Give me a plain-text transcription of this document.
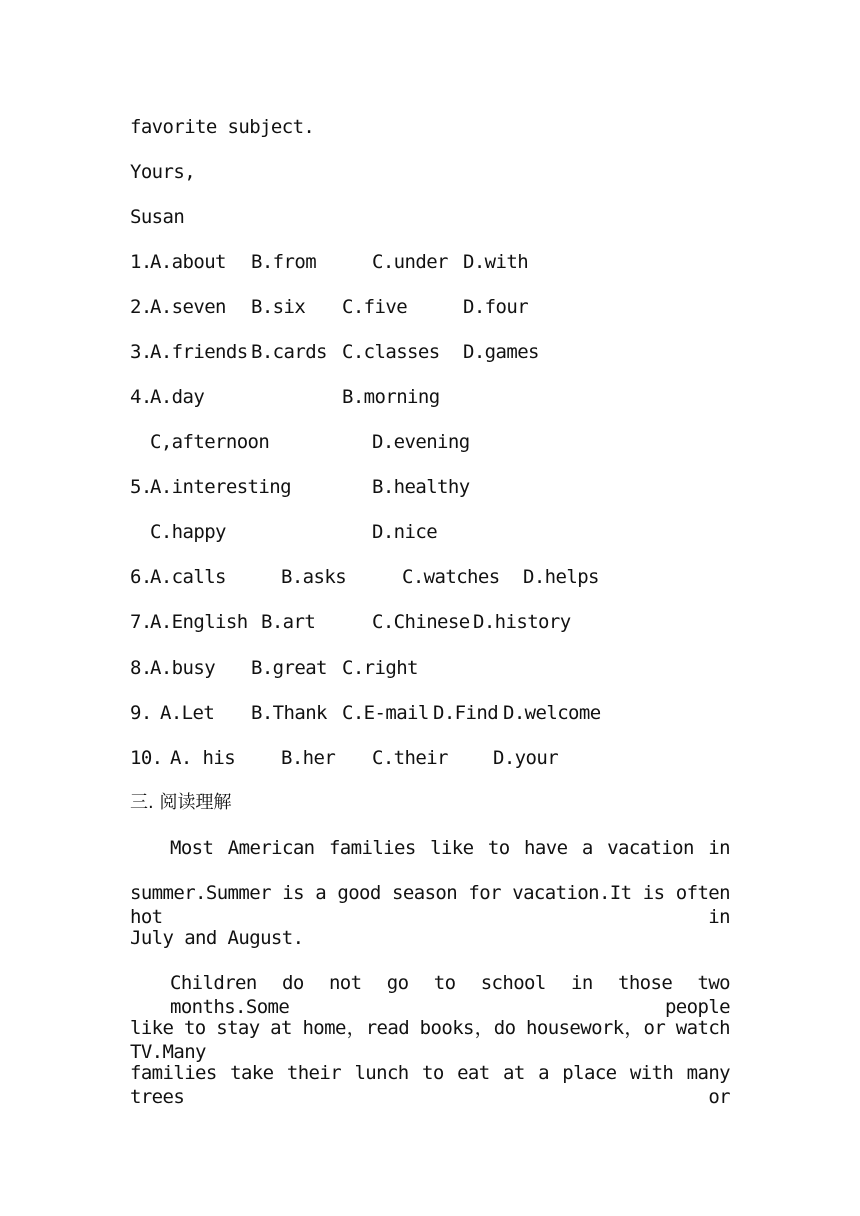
favorite subject.
Yours,
Susan
1.
A.about B.from	C.under D.with
2.
A.seven B.six C.five	D.four
3.
A.friends B.cards C.classes D.games
4.
A.day	B.morning
C,afternoon	D.evening
5.
A.interesting	B.healthy
C.happy	D.nice
6.
A.calls	B.asks	C.watches D.helps
7.
A.English B.art	C.Chinese D.history
8.
A.busy B.great C.right
9. A.Let B.Thank C.E-mail D.Find D.welcome
10. A. his B.her C.their D.your
三. 阅读理解
Most American families like to have a vacation in
summer.Summer is a good season for vacation.It is often hot in
July and August.
Children do not go to school in those two months.Some people
like to stay at home，read books，do housework，or watch TV.Many
families take their lunch to eat at a place with many trees or
